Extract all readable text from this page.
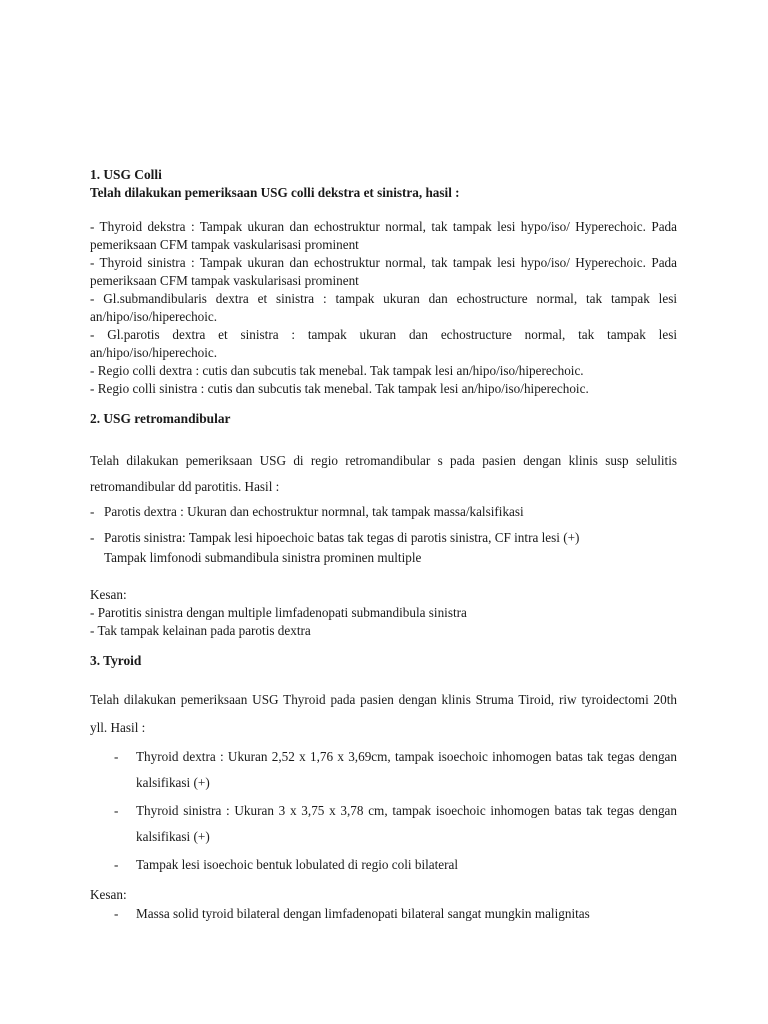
1. USG Colli

Telah dilakukan pemeriksaan USG colli dekstra et sinistra, hasil :

- Thyroid dekstra : Tampak ukuran dan echostruktur normal, tak tampak lesi hypo/iso/ Hyperechoic. Pada pemeriksaan CFM tampak vaskularisasi prominent

- Thyroid sinistra : Tampak ukuran dan echostruktur normal, tak tampak lesi hypo/iso/ Hyperechoic. Pada pemeriksaan CFM tampak vaskularisasi prominent

- Gl.submandibularis dextra et sinistra : tampak ukuran dan echostructure normal, tak tampak lesi an/hipo/iso/hiperechoic.

- Gl.parotis dextra et sinistra : tampak ukuran dan echostructure normal, tak tampak lesi an/hipo/iso/hiperechoic.

- Regio colli dextra : cutis dan subcutis tak menebal. Tak tampak lesi an/hipo/iso/hiperechoic.

- Regio colli sinistra : cutis dan subcutis tak menebal. Tak tampak lesi an/hipo/iso/hiperechoic.

2. USG retromandibular

Telah dilakukan pemeriksaan USG di regio retromandibular s pada pasien dengan klinis susp selulitis retromandibular dd parotitis. Hasil :

- Parotis dextra : Ukuran dan echostruktur normnal, tak tampak massa/kalsifikasi
- Parotis sinistra: Tampak lesi hipoechoic batas tak tegas di parotis sinistra, CF intra lesi (+)
Tampak limfonodi submandibula sinistra prominen multiple

Kesan:

- Parotitis sinistra dengan multiple limfadenopati submandibula sinistra

- Tak tampak kelainan pada parotis dextra

3. Tyroid

Telah dilakukan pemeriksaan USG Thyroid pada pasien dengan klinis Struma Tiroid, riw tyroidectomi 20th yll. Hasil :

-	Thyroid dextra : Ukuran 2,52 x 1,76 x 3,69cm, tampak isoechoic inhomogen batas tak tegas dengan kalsifikasi (+)
-	Thyroid sinistra : Ukuran 3 x 3,75 x 3,78 cm, tampak isoechoic inhomogen batas tak tegas dengan kalsifikasi (+)
-	Tampak lesi isoechoic bentuk lobulated di regio coli bilateral

Kesan:

-	Massa solid tyroid bilateral dengan limfadenopati bilateral sangat mungkin malignitas
